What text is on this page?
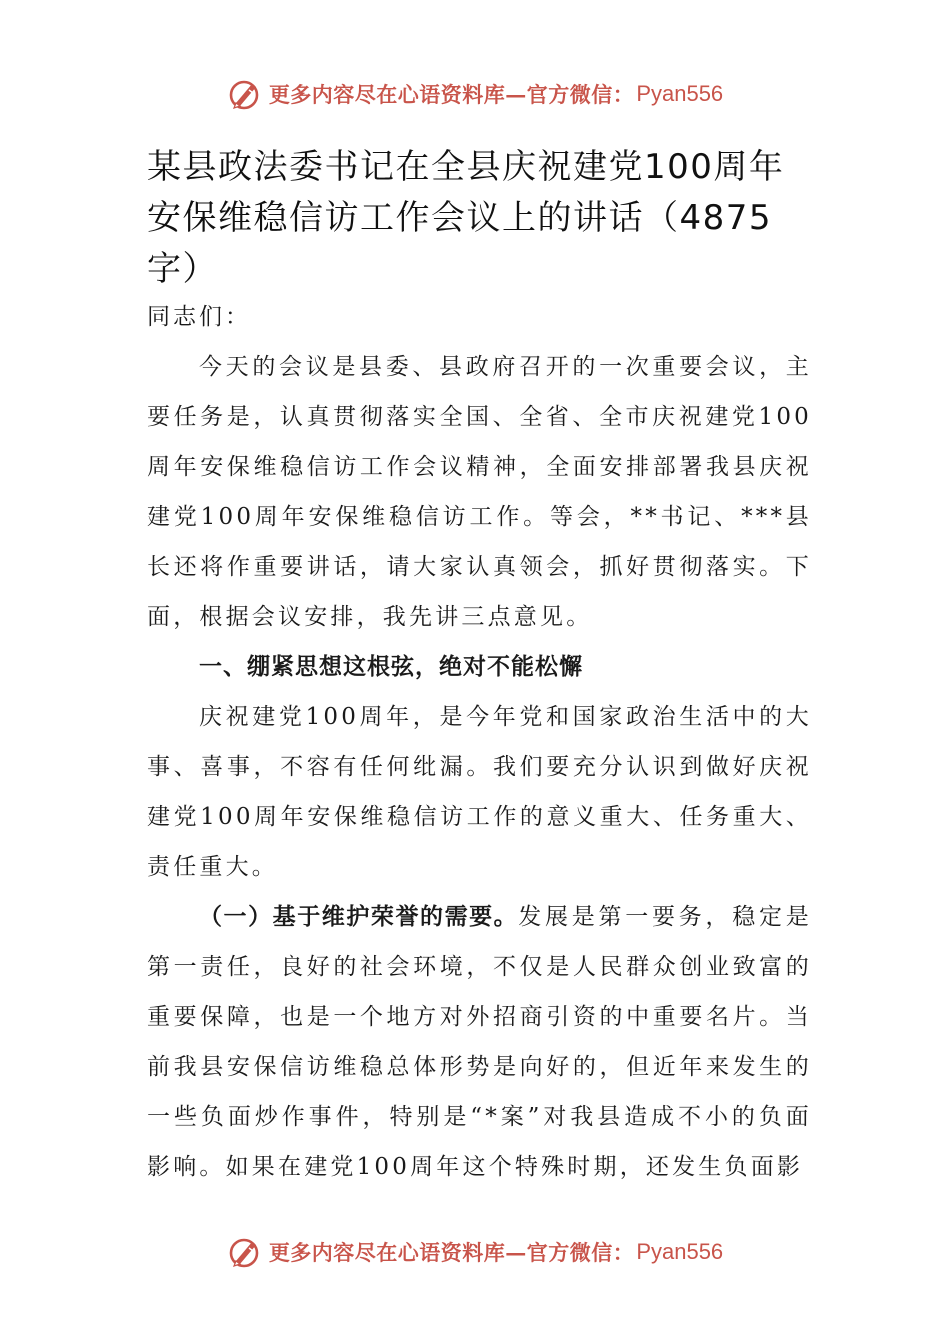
更多内容尽在心语资料库—官方微信： Pyan556
某县政法委书记在全县庆祝建党100周年安保维稳信访工作会议上的讲话（4875字）

同志们：

今天的会议是县委、县政府召开的一次重要会议，主要任务是，认真贯彻落实全国、全省、全市庆祝建党100周年安保维稳信访工作会议精神，全面安排部署我县庆祝建党100周年安保维稳信访工作。等会，**书记、***县长还将作重要讲话，请大家认真领会，抓好贯彻落实。下面，根据会议安排，我先讲三点意见。

一、绷紧思想这根弦，绝对不能松懈

庆祝建党100周年，是今年党和国家政治生活中的大事、喜事，不容有任何纰漏。我们要充分认识到做好庆祝建党100周年安保维稳信访工作的意义重大、任务重大、责任重大。

（一）基于维护荣誉的需要。发展是第一要务，稳定是第一责任，良好的社会环境，不仅是人民群众创业致富的重要保障，也是一个地方对外招商引资的中重要名片。当前我县安保信访维稳总体形势是向好的，但近年来发生的一些负面炒作事件，特别是“*案”对我县造成不小的负面影响。如果在建党100周年这个特殊时期，还发生负面影

更多内容尽在心语资料库—官方微信： Pyan556
